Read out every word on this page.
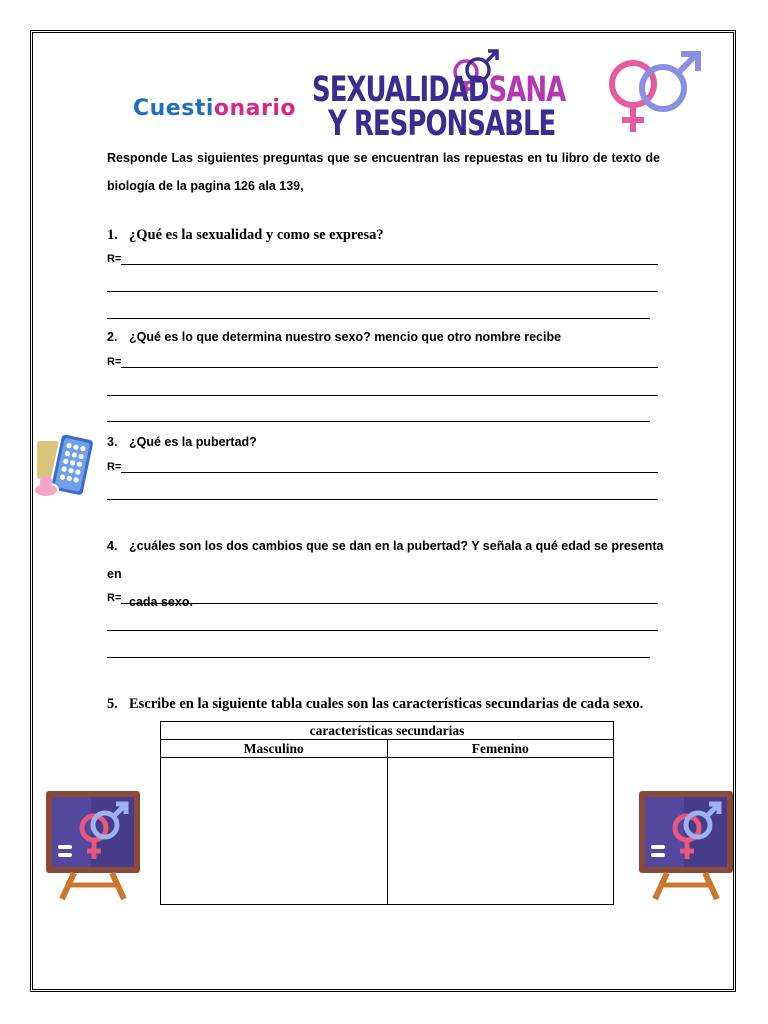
Cuestionario SEXUALIDADSANA
Y RESPONSABLE
Responde Las siguientes preguntas que se encuentran las repuestas en tu libro de texto de biología de la pagina 126 ala 139,
1. ¿Qué es la sexualidad y como se expresa?
R=
2. ¿Qué es lo que determina nuestro sexo? mencio que otro nombre recibe
R=
3. ¿Qué es la pubertad?
R=
4. ¿cuáles son los dos cambios que se dan en la pubertad? Y señala a qué edad se presenta en
cada sexo.
R=
5. Escribe en la siguiente tabla cuales son las características secundarias de cada sexo.
características secundarias	
Masculino	Femenino
